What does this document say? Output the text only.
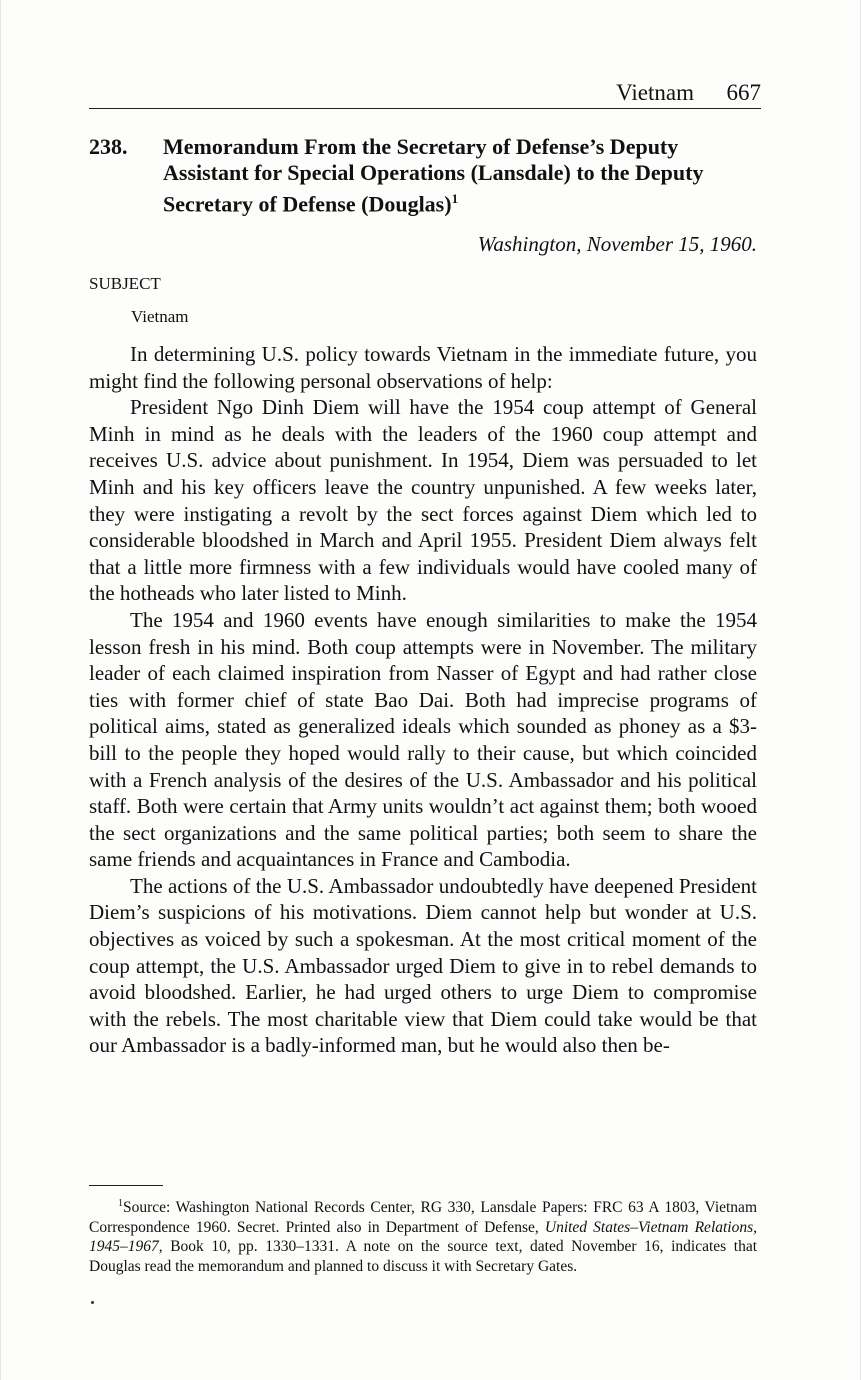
Vietnam 667
238. Memorandum From the Secretary of Defense’s Deputy Assistant for Special Operations (Lansdale) to the Deputy Secretary of Defense (Douglas)$^1$
Washington, November 15, 1960.
SUBJECT
Vietnam

In determining U.S. policy towards Vietnam in the immediate future, you might find the following personal observations of help:

President Ngo Dinh Diem will have the 1954 coup attempt of General Minh in mind as he deals with the leaders of the 1960 coup attempt and receives U.S. advice about punishment. In 1954, Diem was persuaded to let Minh and his key officers leave the country unpunished. A few weeks later, they were instigating a revolt by the sect forces against Diem which led to considerable bloodshed in March and April 1955. President Diem always felt that a little more firmness with a few individuals would have cooled many of the hotheads who later listed to Minh.

The 1954 and 1960 events have enough similarities to make the 1954 lesson fresh in his mind. Both coup attempts were in November. The military leader of each claimed inspiration from Nasser of Egypt and had rather close ties with former chief of state Bao Dai. Both had imprecise programs of political aims, stated as generalized ideals which sounded as phoney as a $3-bill to the people they hoped would rally to their cause, but which coincided with a French analysis of the desires of the U.S. Ambassador and his political staff. Both were certain that Army units wouldn’t act against them; both wooed the sect organizations and the same political parties; both seem to share the same friends and acquaintances in France and Cambodia.

The actions of the U.S. Ambassador undoubtedly have deepened President Diem’s suspicions of his motivations. Diem cannot help but wonder at U.S. objectives as voiced by such a spokesman. At the most critical moment of the coup attempt, the U.S. Ambassador urged Diem to give in to rebel demands to avoid bloodshed. Earlier, he had urged others to urge Diem to compromise with the rebels. The most charitable view that Diem could take would be that our Ambassador is a badly-informed man, but he would also then be-

$^1$Source: Washington National Records Center, RG 330, Lansdale Papers: FRC 63 A 1803, Vietnam Correspondence 1960. Secret. Printed also in Department of Defense, United States–Vietnam Relations, 1945–1967, Book 10, pp. 1330–1331. A note on the source text, dated November 16, indicates that Douglas read the memorandum and planned to discuss it with Secretary Gates.
